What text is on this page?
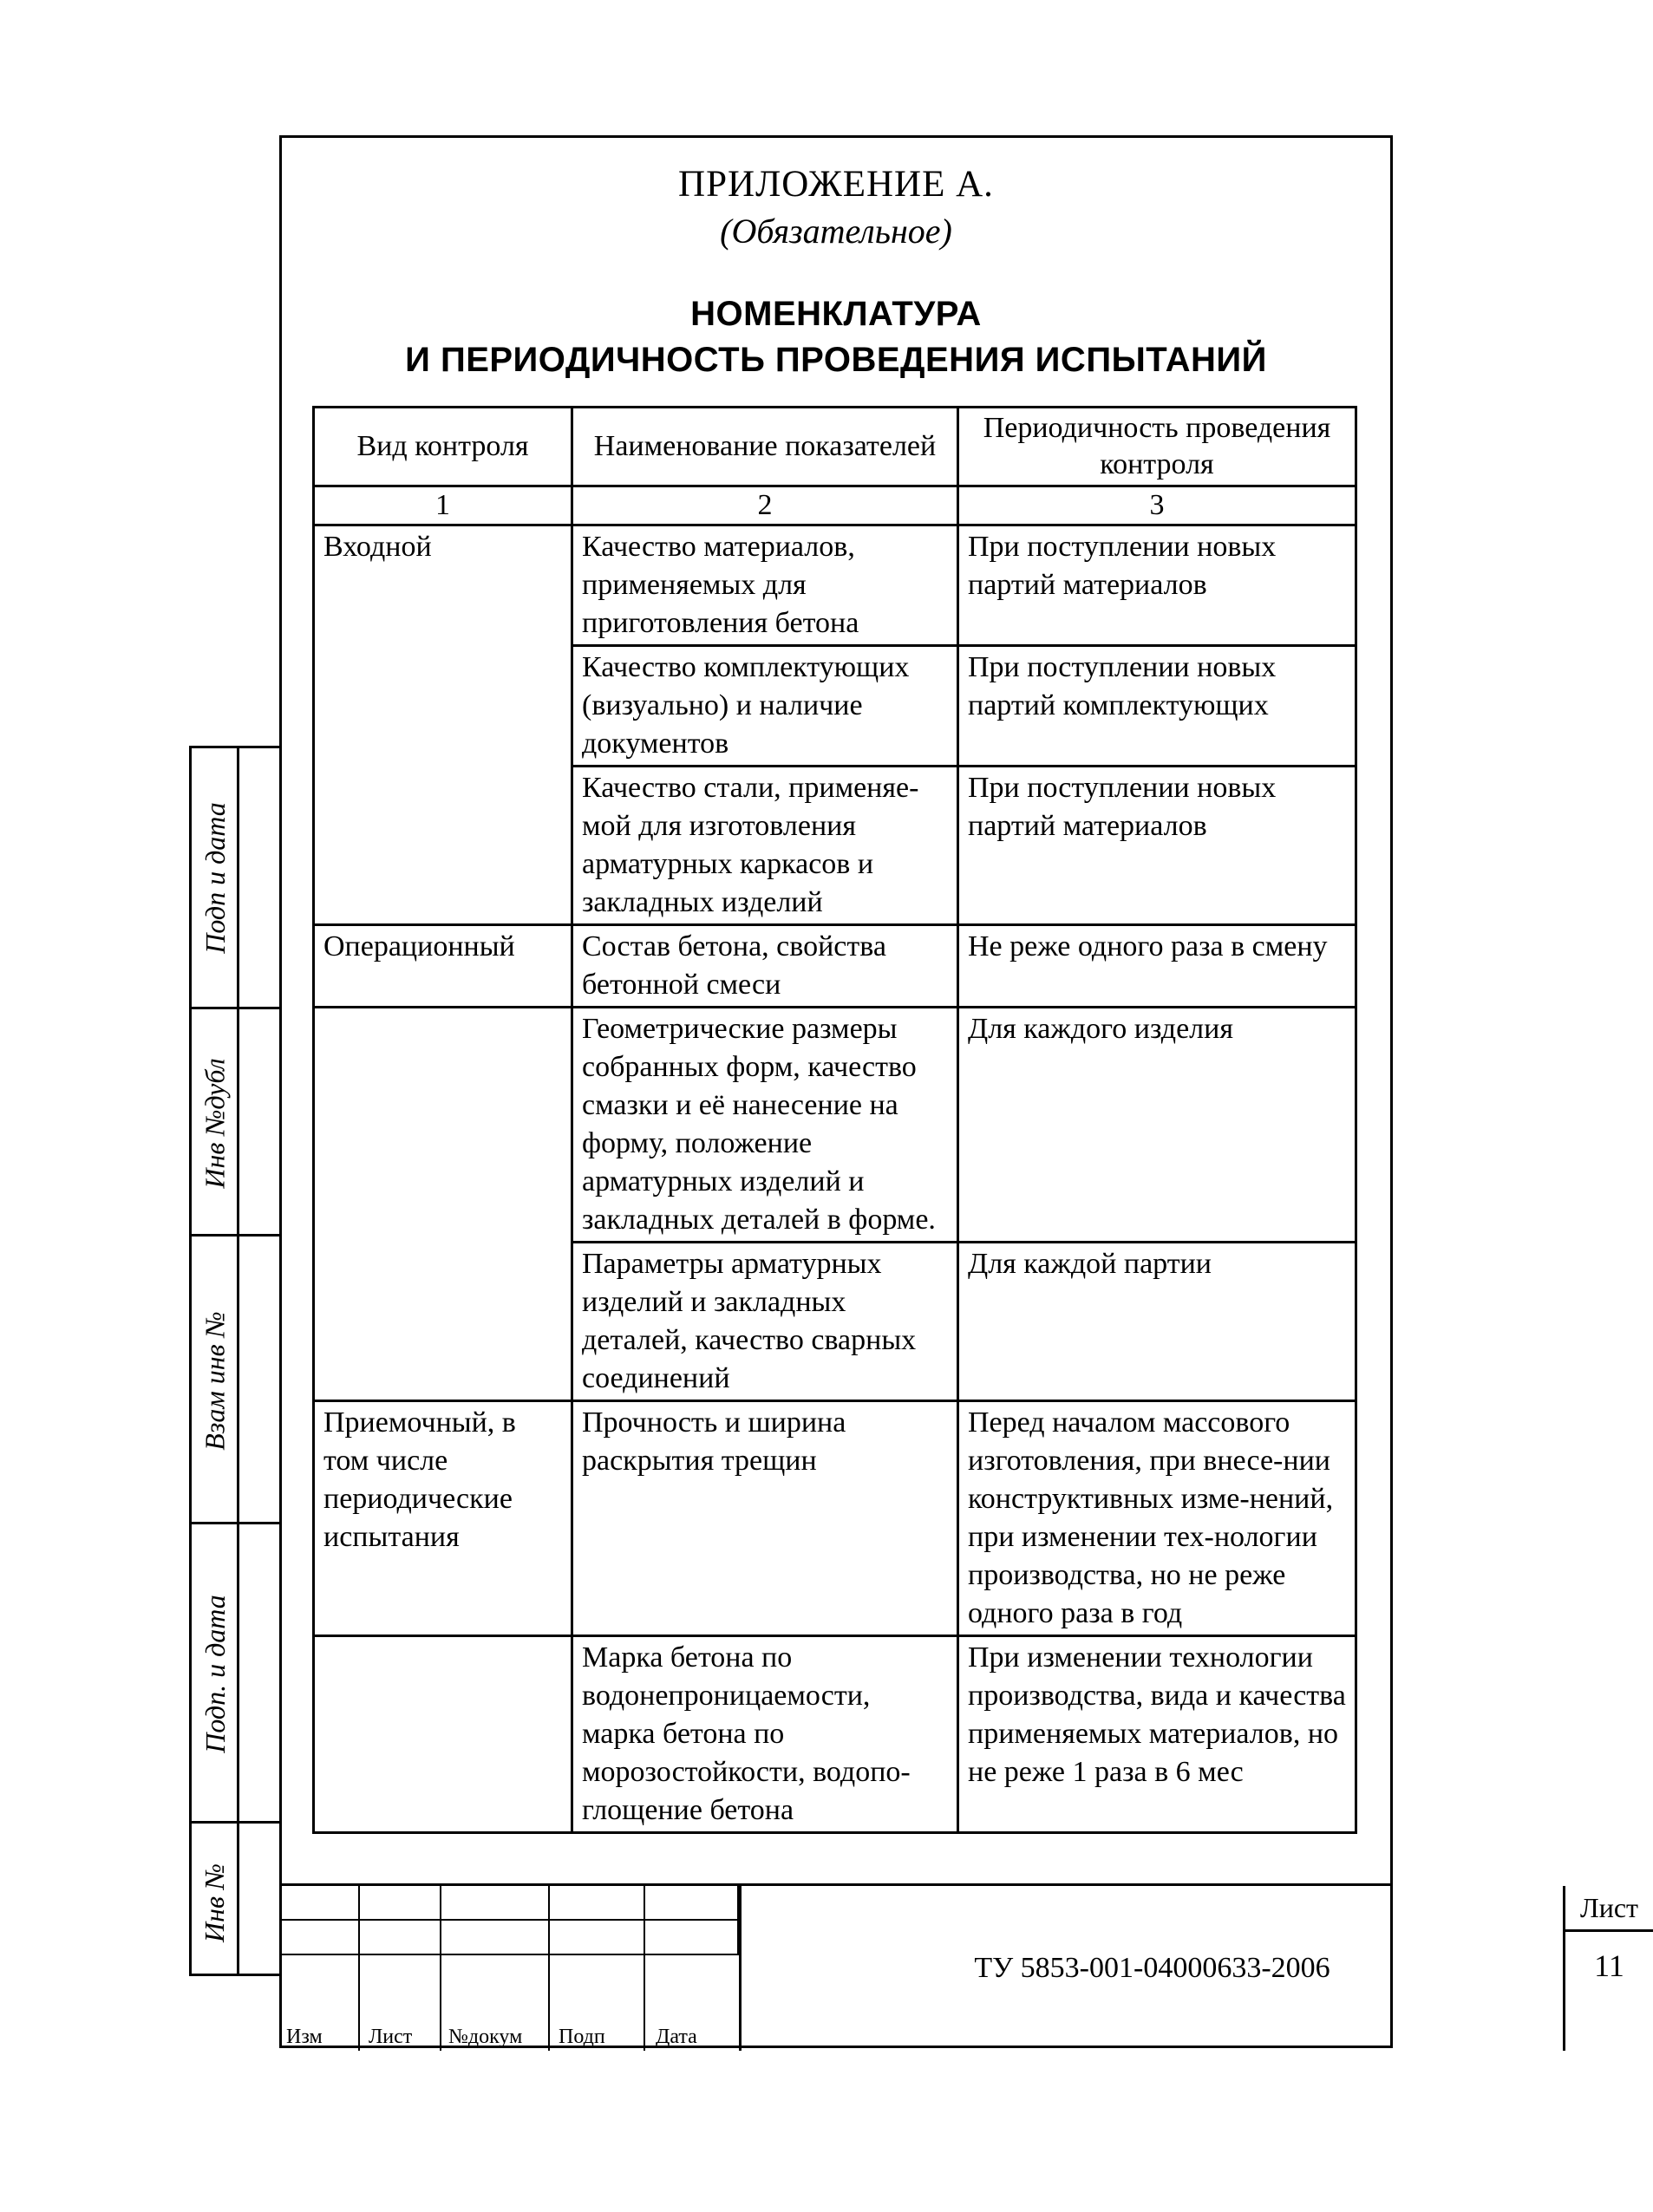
ПРИЛОЖЕНИЕ А.
(Обязательное)
НОМЕНКЛАТУРА
И ПЕРИОДИЧНОСТЬ ПРОВЕДЕНИЯ ИСПЫТАНИЙ
Вид контроля	Наименование показателей	Периодичность проведения контроля
1	2	3
Входной	Качество материалов, применяемых для приготовления бетона	При поступлении новых партий материалов
	Качество комплектующих (визуально) и наличие документов	При поступлении новых партий комплектующих
	Качество стали, применяе-мой для изготовления арматурных каркасов и закладных изделий	При поступлении новых партий материалов
Операционный	Состав бетона, свойства бетонной смеси	Не реже одного раза в смену
	Геометрические размеры собранных форм, качество смазки и её нанесение на форму, положение арматурных изделий и закладных деталей в форме.	Для каждого изделия
	Параметры арматурных изделий и закладных деталей, качество сварных соединений	Для каждой партии
Приемочный, в том числе периодические испытания	Прочность и ширина раскрытия трещин	Перед началом массового изготовления, при внесе-нии конструктивных изме-нений, при изменении тех-нологии производства, но не реже одного раза в год
	Марка бетона по водонепроницаемости, марка бетона по морозостойкости, водопо-глощение бетона	При изменении технологии производства, вида и качества применяемых материалов, но не реже 1 раза в 6 мес
Подп и дата
Инв №дубл
Взам инв №
Подп. и дата
Инв №
Изм Лист №докум Подп Дата
ТУ 5853-001-04000633-2006
Лист
11
